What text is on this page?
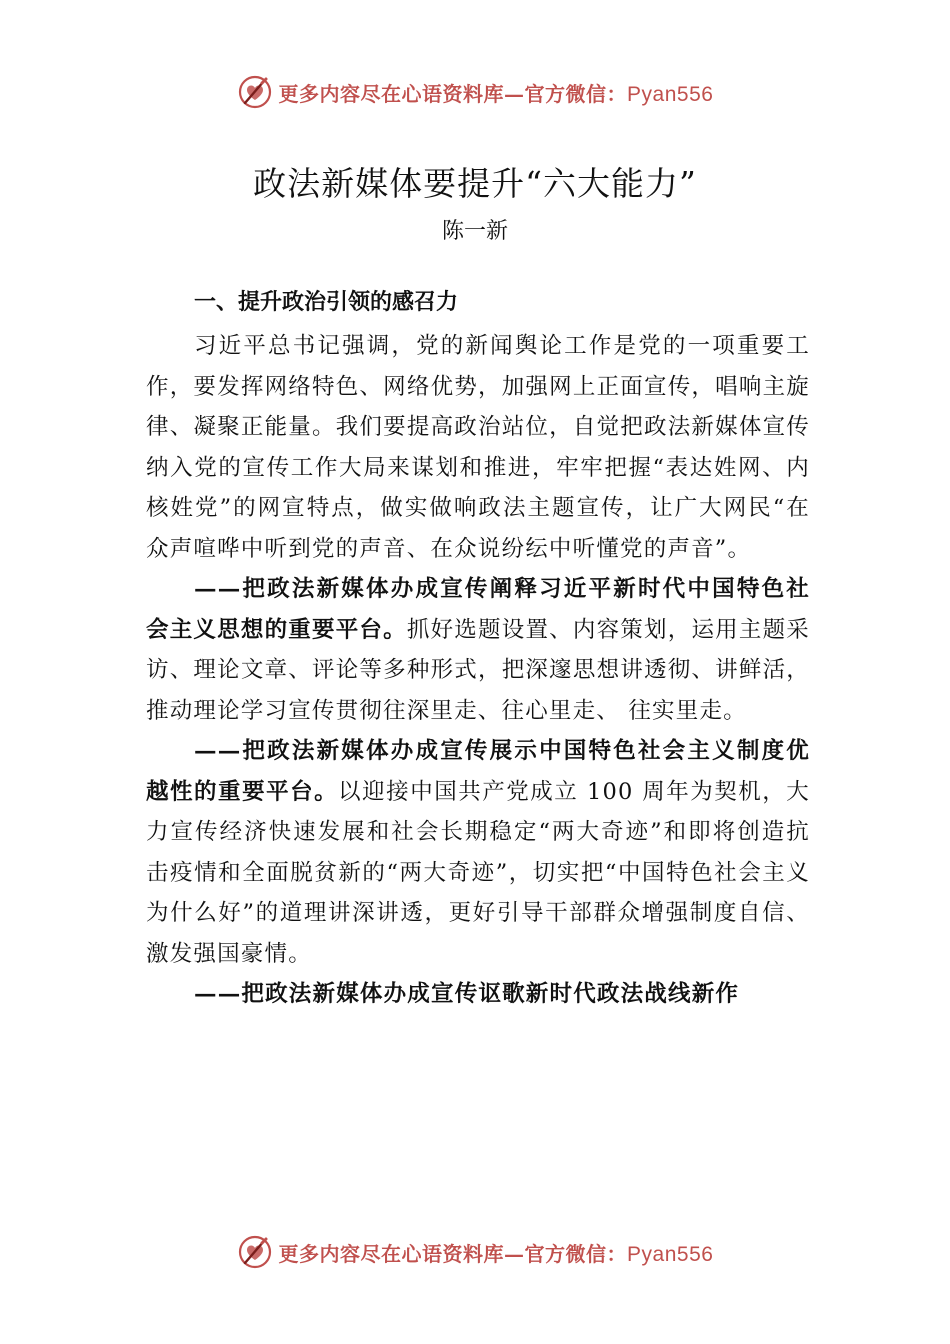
更多内容尽在心语资料库—官方微信：Pyan556
政法新媒体要提升“六大能力”
陈一新
一、提升政治引领的感召力

习近平总书记强调，党的新闻舆论工作是党的一项重要工作，要发挥网络特色、网络优势，加强网上正面宣传，唱响主旋律、凝聚正能量。我们要提高政治站位，自觉把政法新媒体宣传纳入党的宣传工作大局来谋划和推进，牢牢把握“表达姓网、内核姓党”的网宣特点，做实做响政法主题宣传，让广大网民“在众声喧哗中听到党的声音、在众说纷纭中听懂党的声音”。

——把政法新媒体办成宣传阐释习近平新时代中国特色社会主义思想的重要平台。抓好选题设置、内容策划，运用主题采访、理论文章、评论等多种形式，把深邃思想讲透彻、讲鲜活，推动理论学习宣传贯彻往深里走、往心里走、 往实里走。

——把政法新媒体办成宣传展示中国特色社会主义制度优越性的重要平台。以迎接中国共产党成立 100 周年为契机，大力宣传经济快速发展和社会长期稳定“两大奇迹”和即将创造抗击疫情和全面脱贫新的“两大奇迹”，切实把“中国特色社会主义为什么好”的道理讲深讲透，更好引导干部群众增强制度自信、激发强国豪情。

——把政法新媒体办成宣传讴歌新时代政法战线新作

更多内容尽在心语资料库—官方微信：Pyan556
